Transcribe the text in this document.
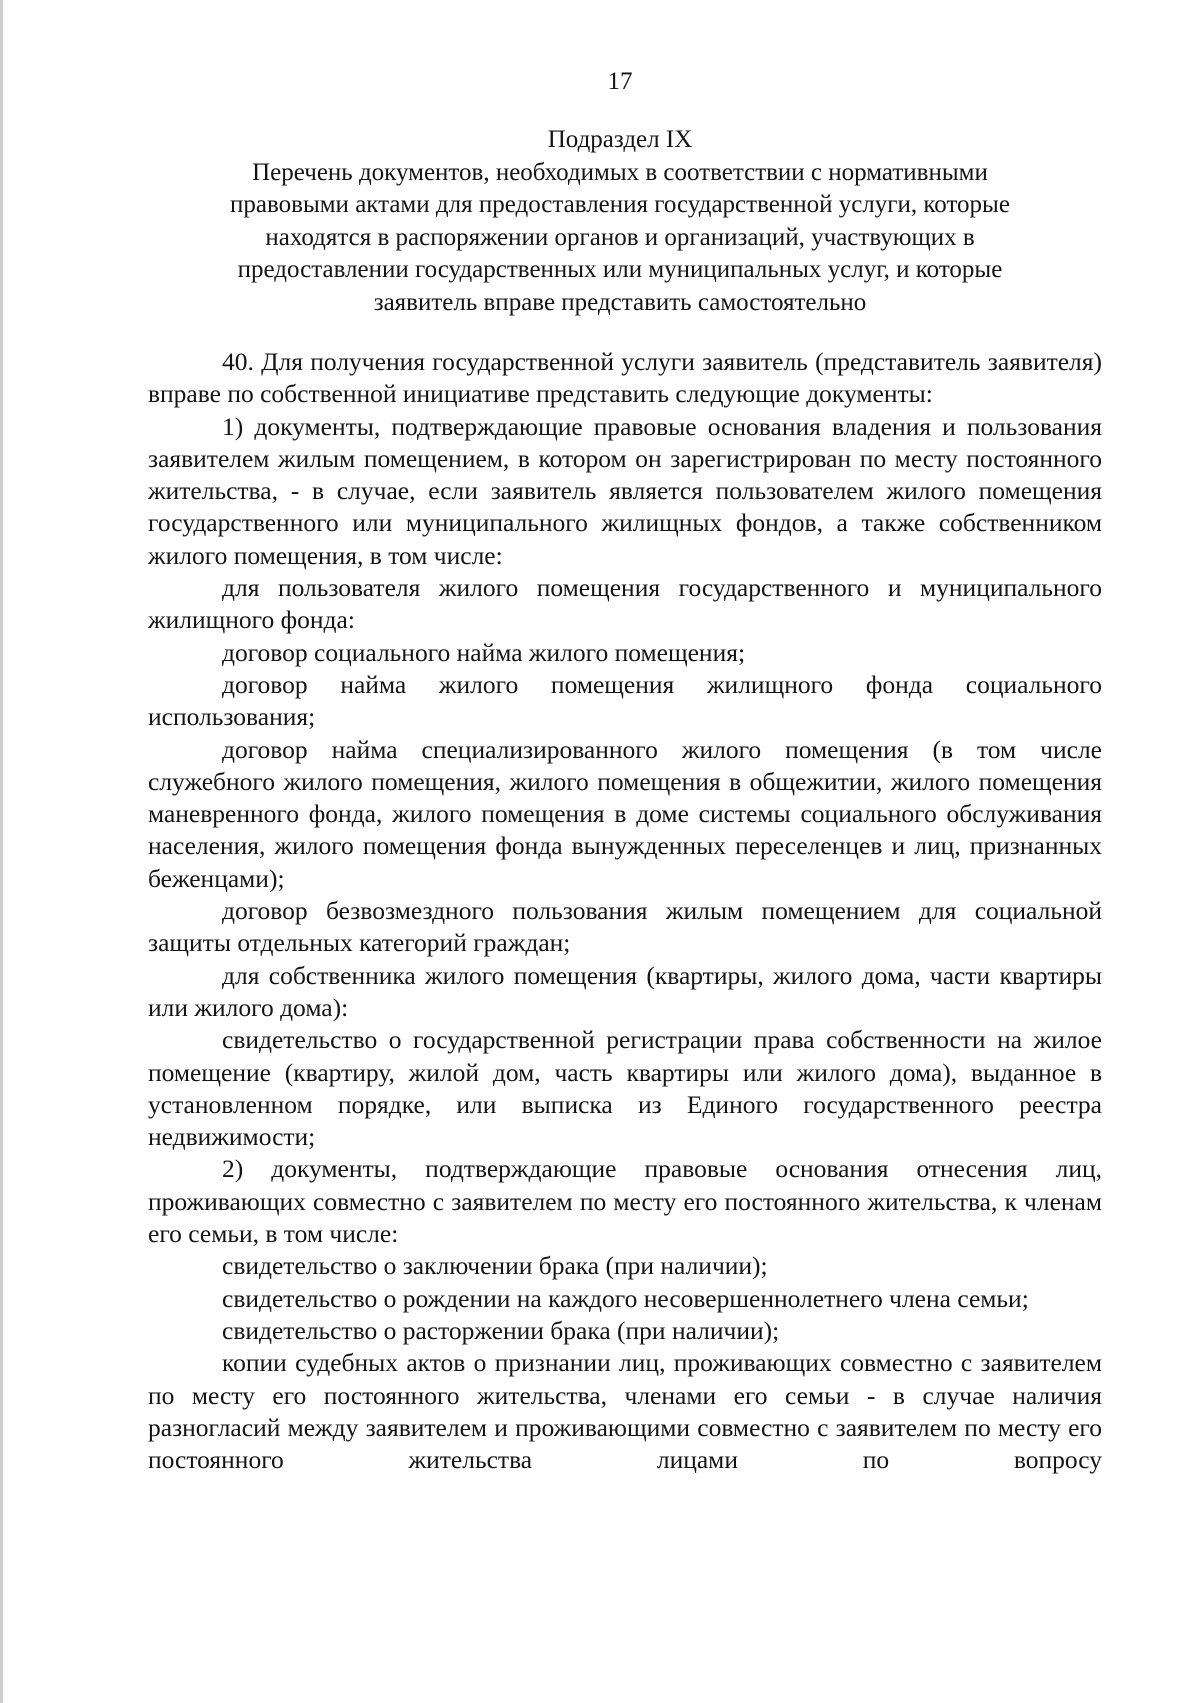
17
Подраздел IX
Перечень документов, необходимых в соответствии с нормативными
правовыми актами для предоставления государственной услуги, которые
находятся в распоряжении органов и организаций, участвующих в
предоставлении государственных или муниципальных услуг, и которые
заявитель вправе представить самостоятельно

40. Для получения государственной услуги заявитель (представитель заявителя) вправе по собственной инициативе представить следующие документы:

1) документы, подтверждающие правовые основания владения и пользования заявителем жилым помещением, в котором он зарегистрирован по месту постоянного жительства, - в случае, если заявитель является пользователем жилого помещения государственного или муниципального жилищных фондов, а также собственником жилого помещения, в том числе:

для пользователя жилого помещения государственного и муниципального жилищного фонда:

договор социального найма жилого помещения;

договор найма жилого помещения жилищного фонда социального использования;

договор найма специализированного жилого помещения (в том числе служебного жилого помещения, жилого помещения в общежитии, жилого помещения маневренного фонда, жилого помещения в доме системы социального обслуживания населения, жилого помещения фонда вынужденных переселенцев и лиц, признанных беженцами);

договор безвозмездного пользования жилым помещением для социальной защиты отдельных категорий граждан;

для собственника жилого помещения (квартиры, жилого дома, части квартиры или жилого дома):

свидетельство о государственной регистрации права собственности на жилое помещение (квартиру, жилой дом, часть квартиры или жилого дома), выданное в установленном порядке, или выписка из Единого государственного реестра недвижимости;

2) документы, подтверждающие правовые основания отнесения лиц, проживающих совместно с заявителем по месту его постоянного жительства, к членам его семьи, в том числе:

свидетельство о заключении брака (при наличии);

свидетельство о рождении на каждого несовершеннолетнего члена семьи;

свидетельство о расторжении брака (при наличии);

копии судебных актов о признании лиц, проживающих совместно с заявителем по месту его постоянного жительства, членами его семьи - в случае наличия разногласий между заявителем и проживающими совместно с заявителем по месту его постоянного жительства лицами по вопросу
